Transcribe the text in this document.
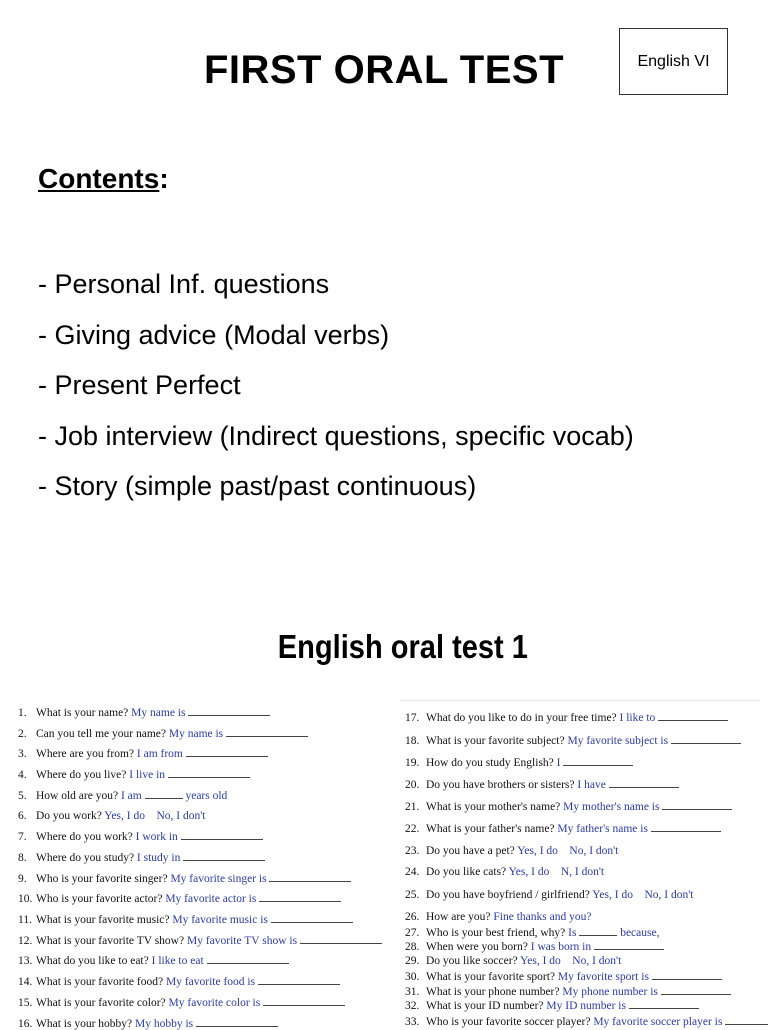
FIRST ORAL TEST	English VI
Contents:
- Personal Inf. questions
- Giving advice (Modal verbs)
- Present Perfect
- Job interview (Indirect questions, specific vocab)
- Story (simple past/past continuous)
English oral test 1
1. What is your name? My name is
2. Can you tell me your name? My name is
3. Where are you from? I am from
4. Where do you live? I live in
5. How old are you? I am	years old
6. Do you work? Yes, I do    No, I don't
7. Where do you work? I work in
8. Where do you study? I study in
9. Who is your favorite singer? My favorite singer is
10. Who is your favorite actor? My favorite actor is
11. What is your favorite music? My favorite music is
12. What is your favorite TV show? My favorite TV show is
13. What do you like to eat? I like to eat
14. What is your favorite food? My favorite food is
15. What is your favorite color? My favorite color is
16. What is your hobby? My hobby is
17. What do you like to do in your free time? I like to
18. What is your favorite subject? My favorite subject is
19. How do you study English? I
20. Do you have brothers or sisters? I have
21. What is your mother's name? My mother's name is
22. What is your father's name? My father's name is
23. Do you have a pet? Yes, I do    No, I don't
24. Do you like cats? Yes, I do    N, I don't
25. Do you have boyfriend / girlfriend? Yes, I do    No, I don't
26. How are you? Fine thanks and you?
27. Who is your best friend, why? Is	because,
28. When were you born? I was born in
29. Do you like soccer? Yes, I do    No, I don't
30. What is your favorite sport? My favorite sport is
31. What is your phone number? My phone number is
32. What is your ID number? My ID number is
33. Who is your favorite soccer player? My favorite soccer player is
